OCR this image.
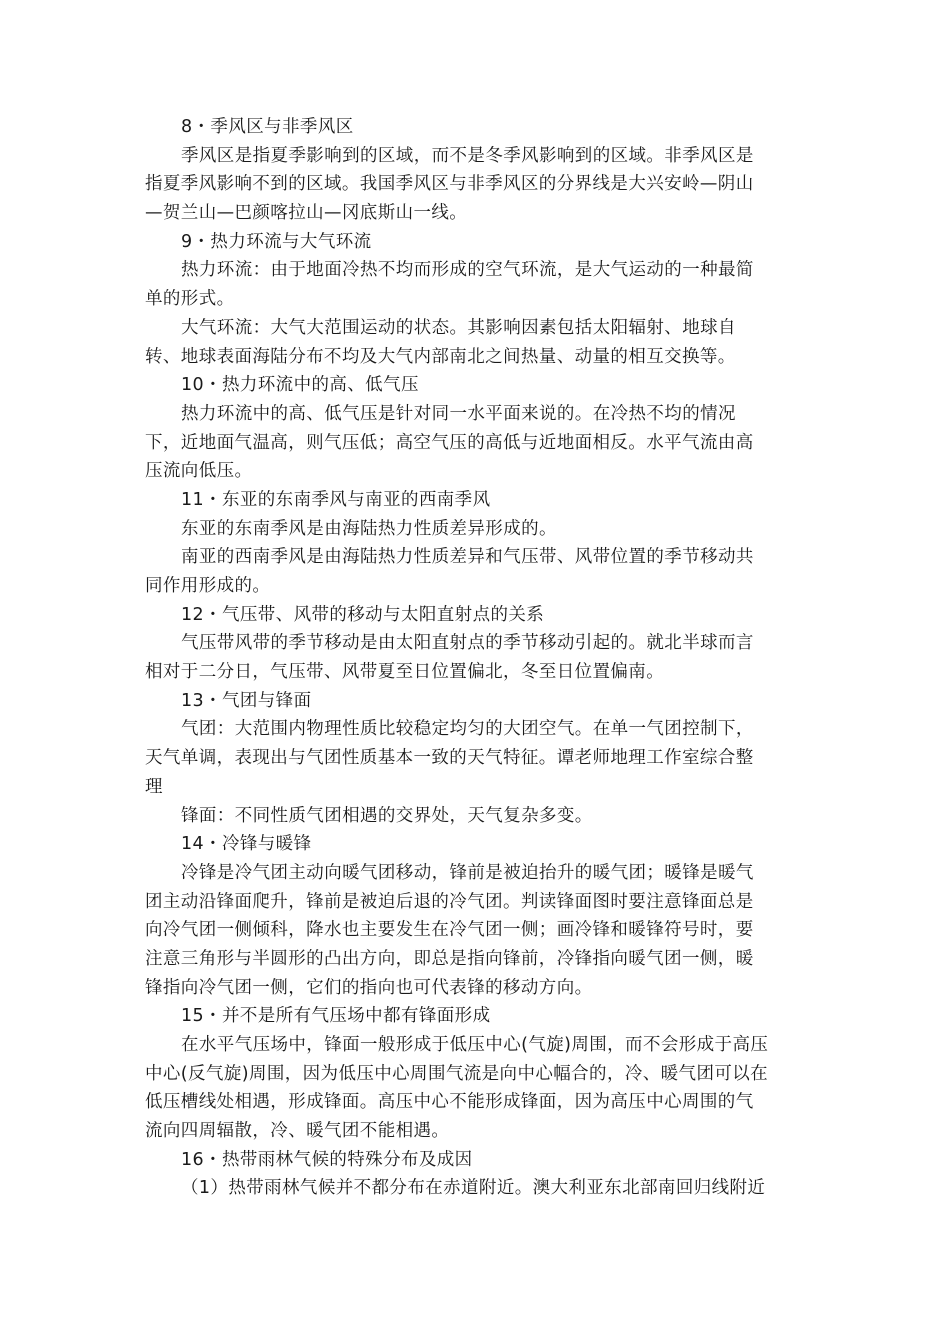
8・季风区与非季风区
季风区是指夏季影响到的区域，而不是冬季风影响到的区域。非季风区是
指夏季风影响不到的区域。我国季风区与非季风区的分界线是大兴安岭—阴山
—贺兰山—巴颜喀拉山—冈底斯山一线。
9・热力环流与大气环流
热力环流：由于地面冷热不均而形成的空气环流，是大气运动的一种最简
单的形式。
大气环流：大气大范围运动的状态。其影响因素包括太阳辐射、地球自
转、地球表面海陆分布不均及大气内部南北之间热量、动量的相互交换等。
10・热力环流中的高、低气压
热力环流中的高、低气压是针对同一水平面来说的。在冷热不均的情况
下，近地面气温高，则气压低；高空气压的高低与近地面相反。水平气流由高
压流向低压。
11・东亚的东南季风与南亚的西南季风
东亚的东南季风是由海陆热力性质差异形成的。
南亚的西南季风是由海陆热力性质差异和气压带、风带位置的季节移动共
同作用形成的。
12・气压带、风带的移动与太阳直射点的关系
气压带风带的季节移动是由太阳直射点的季节移动引起的。就北半球而言
相对于二分日，气压带、风带夏至日位置偏北，冬至日位置偏南。
13・气团与锋面
气团：大范围内物理性质比较稳定均匀的大团空气。在单一气团控制下，
天气单调，表现出与气团性质基本一致的天气特征。谭老师地理工作室综合整
理
锋面：不同性质气团相遇的交界处，天气复杂多变。
14・冷锋与暖锋
冷锋是冷气团主动向暖气团移动，锋前是被迫抬升的暖气团；暖锋是暖气
团主动沿锋面爬升，锋前是被迫后退的冷气团。判读锋面图时要注意锋面总是
向冷气团一侧倾科，降水也主要发生在冷气团一侧；画冷锋和暖锋符号时，要
注意三角形与半圆形的凸出方向，即总是指向锋前，冷锋指向暖气团一侧，暖
锋指向冷气团一侧，它们的指向也可代表锋的移动方向。
15・并不是所有气压场中都有锋面形成
在水平气压场中，锋面一般形成于低压中心(气旋)周围，而不会形成于高压
中心(反气旋)周围，因为低压中心周围气流是向中心幅合的，冷、暖气团可以在
低压槽线处相遇，形成锋面。高压中心不能形成锋面，因为高压中心周围的气
流向四周辐散，冷、暖气团不能相遇。
16・热带雨林气候的特殊分布及成因
（1）热带雨林气候并不都分布在赤道附近。澳大利亚东北部南回归线附近
